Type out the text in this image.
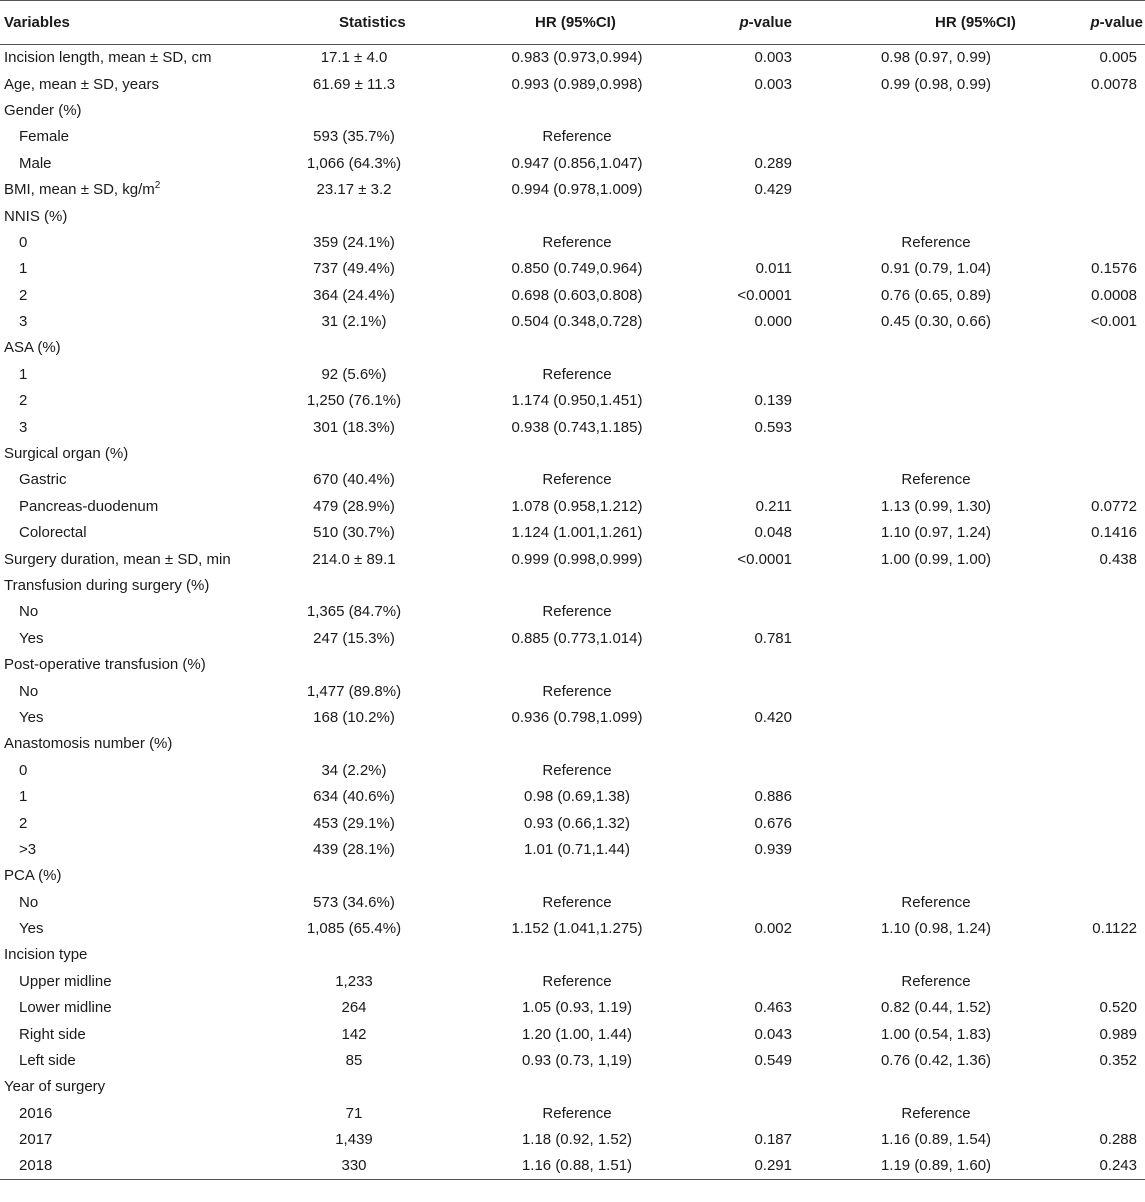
Variables	Statistics	HR (95%CI)	p-value	HR (95%CI)	p-value
Incision length, mean ± SD, cm	17.1 ± 4.0	0.983 (0.973,0.994)	0.003	0.98 (0.97, 0.99)	0.005
Age, mean ± SD, years	61.69 ± 11.3	0.993 (0.989,0.998)	0.003	0.99 (0.98, 0.99)	0.0078
Gender (%)					
Female	593 (35.7%)	Reference			
Male	1,066 (64.3%)	0.947 (0.856,1.047)	0.289		
BMI, mean ± SD, $kg/m^2$	23.17 ± 3.2	0.994 (0.978,1.009)	0.429		
NNIS (%)					
0	359 (24.1%)	Reference		Reference	
1	737 (49.4%)	0.850 (0.749,0.964)	0.011	0.91 (0.79, 1.04)	0.1576
2	364 (24.4%)	0.698 (0.603,0.808)	<0.0001	0.76 (0.65, 0.89)	0.0008
3	31 (2.1%)	0.504 (0.348,0.728)	0.000	0.45 (0.30, 0.66)	<0.001
ASA (%)					
1	92 (5.6%)	Reference			
2	1,250 (76.1%)	1.174 (0.950,1.451)	0.139		
3	301 (18.3%)	0.938 (0.743,1.185)	0.593		
Surgical organ (%)					
Gastric	670 (40.4%)	Reference		Reference	
Pancreas-duodenum	479 (28.9%)	1.078 (0.958,1.212)	0.211	1.13 (0.99, 1.30)	0.0772
Colorectal	510 (30.7%)	1.124 (1.001,1.261)	0.048	1.10 (0.97, 1.24)	0.1416
Surgery duration, mean ± SD, min	214.0 ± 89.1	0.999 (0.998,0.999)	<0.0001	1.00 (0.99, 1.00)	0.438
Transfusion during surgery (%)					
No	1,365 (84.7%)	Reference			
Yes	247 (15.3%)	0.885 (0.773,1.014)	0.781		
Post-operative transfusion (%)					
No	1,477 (89.8%)	Reference			
Yes	168 (10.2%)	0.936 (0.798,1.099)	0.420		
Anastomosis number (%)					
0	34 (2.2%)	Reference			
1	634 (40.6%)	0.98 (0.69,1.38)	0.886		
2	453 (29.1%)	0.93 (0.66,1.32)	0.676		
>3	439 (28.1%)	1.01 (0.71,1.44)	0.939		
PCA (%)					
No	573 (34.6%)	Reference		Reference	
Yes	1,085 (65.4%)	1.152 (1.041,1.275)	0.002	1.10 (0.98, 1.24)	0.1122
Incision type					
Upper midline	1,233	Reference		Reference	
Lower midline	264	1.05 (0.93, 1.19)	0.463	0.82 (0.44, 1.52)	0.520
Right side	142	1.20 (1.00, 1.44)	0.043	1.00 (0.54, 1.83)	0.989
Left side	85	0.93 (0.73, 1,19)	0.549	0.76 (0.42, 1.36)	0.352
Year of surgery					
2016	71	Reference		Reference	
2017	1,439	1.18 (0.92, 1.52)	0.187	1.16 (0.89, 1.54)	0.288
2018	330	1.16 (0.88, 1.51)	0.291	1.19 (0.89, 1.60)	0.243
